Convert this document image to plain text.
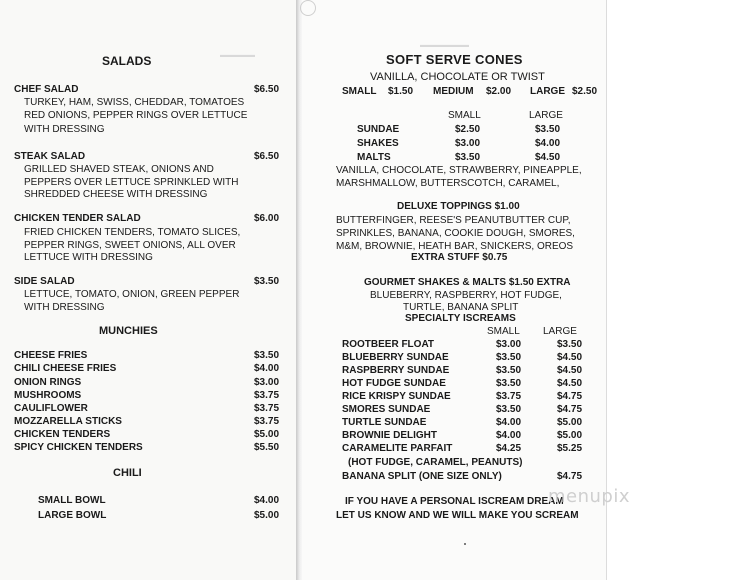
▬▬▬▬▬
▬▬▬▬▬▬▬
SALADS
CHEF SALAD	$6.50
TURKEY, HAM, SWISS, CHEDDAR, TOMATOES
RED ONIONS, PEPPER RINGS OVER LETTUCE
WITH DRESSING
STEAK SALAD	$6.50
GRILLED SHAVED STEAK, ONIONS AND
PEPPERS OVER LETTUCE SPRINKLED WITH
SHREDDED CHEESE WITH DRESSING
CHICKEN TENDER SALAD	$6.00
FRIED CHICKEN TENDERS, TOMATO SLICES,
PEPPER RINGS, SWEET ONIONS, ALL OVER
LETTUCE WITH DRESSING
SIDE SALAD	$3.50
LETTUCE, TOMATO, ONION, GREEN PEPPER
WITH DRESSING
MUNCHIES
CHEESE FRIES	$3.50
CHILI CHEESE FRIES	$4.00
ONION RINGS	$3.00
MUSHROOMS	$3.75
CAULIFLOWER	$3.75
MOZZARELLA STICKS	$3.75
CHICKEN TENDERS	$5.00
SPICY CHICKEN TENDERS	$5.50
CHILI
SMALL BOWL	$4.00
LARGE BOWL	$5.00
SOFT SERVE CONES
VANILLA, CHOCOLATE OR TWIST
SMALL $1.50 MEDIUM $2.00 LARGE $2.50
SMALL	LARGE
SUNDAE	$2.50	$3.50
SHAKES	$3.00	$4.00
MALTS	$3.50	$4.50
VANILLA, CHOCOLATE, STRAWBERRY, PINEAPPLE,
MARSHMALLOW, BUTTERSCOTCH, CARAMEL,
DELUXE TOPPINGS $1.00
BUTTERFINGER, REESE'S PEANUTBUTTER CUP,
SPRINKLES, BANANA, COOKIE DOUGH, SMORES,
M&M, BROWNIE, HEATH BAR, SNICKERS, OREOS
EXTRA STUFF $0.75
GOURMET SHAKES & MALTS $1.50 EXTRA
BLUEBERRY, RASPBERRY, HOT FUDGE,
TURTLE, BANANA SPLIT
SPECIALTY ISCREAMS
SMALL LARGE
ROOTBEER FLOAT	$3.00	$3.50
BLUEBERRY SUNDAE	$3.50	$4.50
RASPBERRY SUNDAE	$3.50	$4.50
HOT FUDGE SUNDAE	$3.50	$4.50
RICE KRISPY SUNDAE	$3.75	$4.75
SMORES SUNDAE	$3.50	$4.75
TURTLE SUNDAE	$4.00	$5.00
BROWNIE DELIGHT	$4.00	$5.00
CARAMELITE PARFAIT	$4.25	$5.25
(HOT FUDGE, CARAMEL, PEANUTS)
BANANA SPLIT (ONE SIZE ONLY)	$4.75
IF YOU HAVE A PERSONAL ISCREAM DREAM
LET US KNOW AND WE WILL MAKE YOU SCREAM
menupix
